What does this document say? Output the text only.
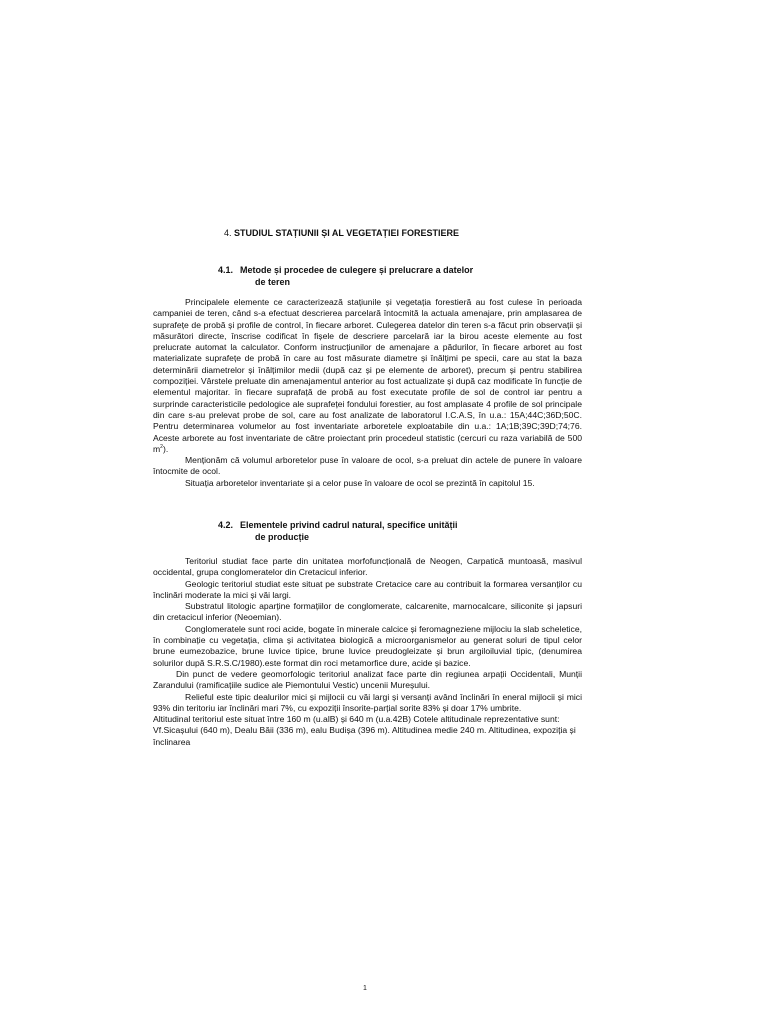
4. STUDIUL STAȚIUNII ȘI AL VEGETAȚIEI FORESTIERE
4.1. Metode și procedee de culegere și prelucrare a datelor
de teren

Principalele elemente ce caracterizează stațiunile și vegetația forestieră au fost culese în perioada campaniei de teren, când s-a efectuat descrierea parcelară întocmită la actuala amenajare, prin amplasarea de suprafețe de probă și profile de control, în fiecare arboret. Culegerea datelor din teren s-a făcut prin observații și măsurători directe, înscrise codificat în fișele de descriere parcelară iar la birou aceste elemente au fost prelucrate automat la calculator. Conform instrucțiunilor de amenajare a pădurilor, în fiecare arboret au fost materializate suprafețe de probă în care au fost măsurate diametre și înălțimi pe specii, care au stat la baza determinării diametrelor și înălțimilor medii (după caz și pe elemente de arboret), precum și pentru stabilirea compoziției. Vârstele preluate din amenajamentul anterior au fost actualizate și după caz modificate în funcție de elementul majoritar. în fiecare suprafață de probă au fost executate profile de sol de control iar pentru a surprinde caracteristicile pedologice ale suprafeței fondului forestier, au fost amplasate 4 profile de sol principale din care s-au prelevat probe de sol, care au fost analizate de laboratorul I.C.A.S, în u.a.: 15A;44C;36D;50C. Pentru determinarea volumelor au fost inventariate arboretele exploatabile din u.a.: 1A;1B;39C;39D;74;76. Aceste arborete au fost inventariate de către proiectant prin procedeul statistic (cercuri cu raza variabilă de 500 $m^2$).

Menționăm că volumul arboretelor puse în valoare de ocol, s-a preluat din actele de punere în valoare întocmite de ocol.

Situația arboretelor inventariate și a celor puse în valoare de ocol se prezintă în capitolul 15.

4.2. Elementele privind cadrul natural, specifice unității
de producție

Teritoriul studiat face parte din unitatea morfofuncțională de Neogen, Carpatică muntoasă, masivul occidental, grupa conglomeratelor din Cretacicul inferior.

Geologic teritoriul studiat este situat pe substrate Cretacice care au contribuit la formarea versanților cu înclinări moderate la mici și văi largi.

Substratul litologic aparține formațiilor de conglomerate, calcarenite, marnocalcare, siliconite și japsuri din cretacicul inferior (Neoemian).

Conglomeratele sunt roci acide, bogate în minerale calcice și feromagneziene mijlociu la slab scheletice, în combinație cu vegetația, clima și activitatea biologică a microorganismelor au generat soluri de tipul celor brune eumezobazice, brune luvice tipice, brune luvice preudogleizate și brun argiloiluvial tipic, (denumirea solurilor după S.R.S.C/1980).este format din roci metamorfice dure, acide și bazice.

Din punct de vedere geomorfologic teritoriul analizat face parte din regiunea arpații Occidentali, Munții Zarandului (ramificațiile sudice ale Piemontului Vestic) uncenii Mureșului.

Relieful este tipic dealurilor mici și mijlocii cu văi largi și versanți având înclinări în eneral mijlocii și mici 93% din teritoriu iar înclinări mari 7%, cu expoziții însorite-parțial sorite 83% și doar 17% umbrite.

Altitudinal teritoriul este situat între 160 m (u.alB) și 640 m (u.a.42B) Cotele altitudinale reprezentative sunt: Vf.Sicașului (640 m), Dealu Băii (336 m), ealu Budișa (396 m). Altitudinea medie 240 m. Altitudinea, expoziția și înclinarea

1
